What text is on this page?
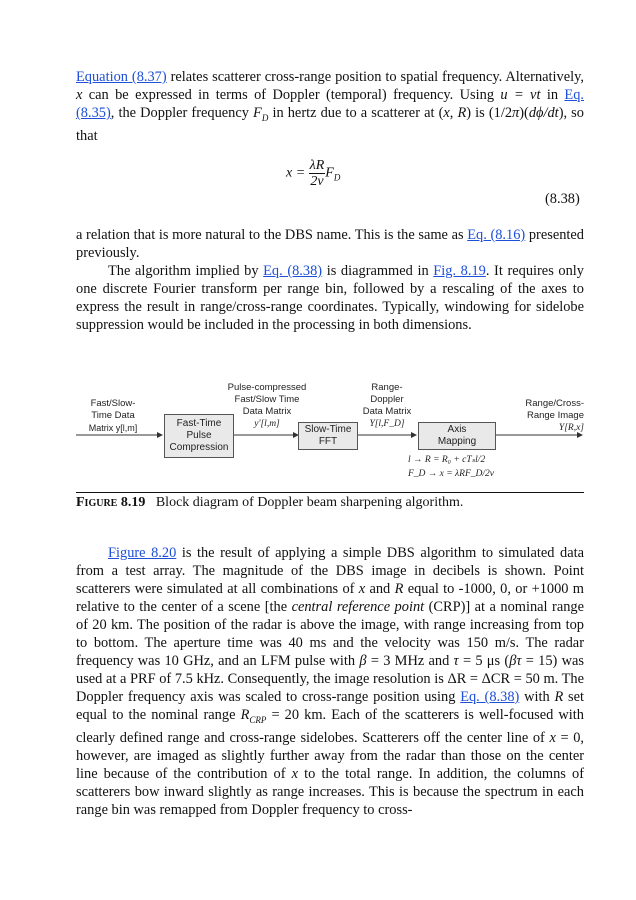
Equation (8.37) relates scatterer cross-range position to spatial frequency. Alternatively, x can be expressed in terms of Doppler (temporal) frequency. Using u = vt in Eq. (8.35), the Doppler frequency $F_D$ in hertz due to a scatterer at (x, R) is (1/2π)(dϕ/dt), so that

$x = \frac{\lambda R}{2v} F_D$
(8.38)

a relation that is more natural to the DBS name. This is the same as Eq. (8.16) presented previously.

The algorithm implied by Eq. (8.38) is diagrammed in Fig. 8.19. It requires only one discrete Fourier transform per range bin, followed by a rescaling of the axes to express the result in range/cross-range coordinates. Typically, windowing for sidelobe suppression would be included in the processing in both dimensions.

Fast/Slow-
Time Data
Matrix y[l,m]	Fast-Time
Pulse
Compression
Pulse-compressed
Fast/Slow Time
Data Matrix
y'[l,m]	Slow-Time
FFT
Range-
Doppler
Data Matrix
Y[l,F_D]	Axis
Mapping
l → R = R₀ + cTₛl/2
F_D → x = λRF_D/2v
Range/Cross-
Range Image
Y[R,x]
Figure 8.19 Block diagram of Doppler beam sharpening algorithm.

Figure 8.20 is the result of applying a simple DBS algorithm to simulated data from a test array. The magnitude of the DBS image in decibels is shown. Point scatterers were simulated at all combinations of x and R equal to -1000, 0, or +1000 m relative to the center of a scene [the central reference point (CRP)] at a nominal range of 20 km. The position of the radar is above the image, with range increasing from top to bottom. The aperture time was 40 ms and the velocity was 150 m/s. The radar frequency was 10 GHz, and an LFM pulse with β = 3 MHz and τ = 5 μs (βτ = 15) was used at a PRF of 7.5 kHz. Consequently, the image resolution is ΔR = ΔCR = 50 m. The Doppler frequency axis was scaled to cross-range position using Eq. (8.38) with R set equal to the nominal range $R_{CRP} = 20$ km. Each of the scatterers is well-focused with clearly defined range and cross-range sidelobes. Scatterers off the center line of x = 0, however, are imaged as slightly further away from the radar than those on the center line because of the contribution of x to the total range. In addition, the columns of scatterers bow inward slightly as range increases. This is because the spectrum in each range bin was remapped from Doppler frequency to cross-
